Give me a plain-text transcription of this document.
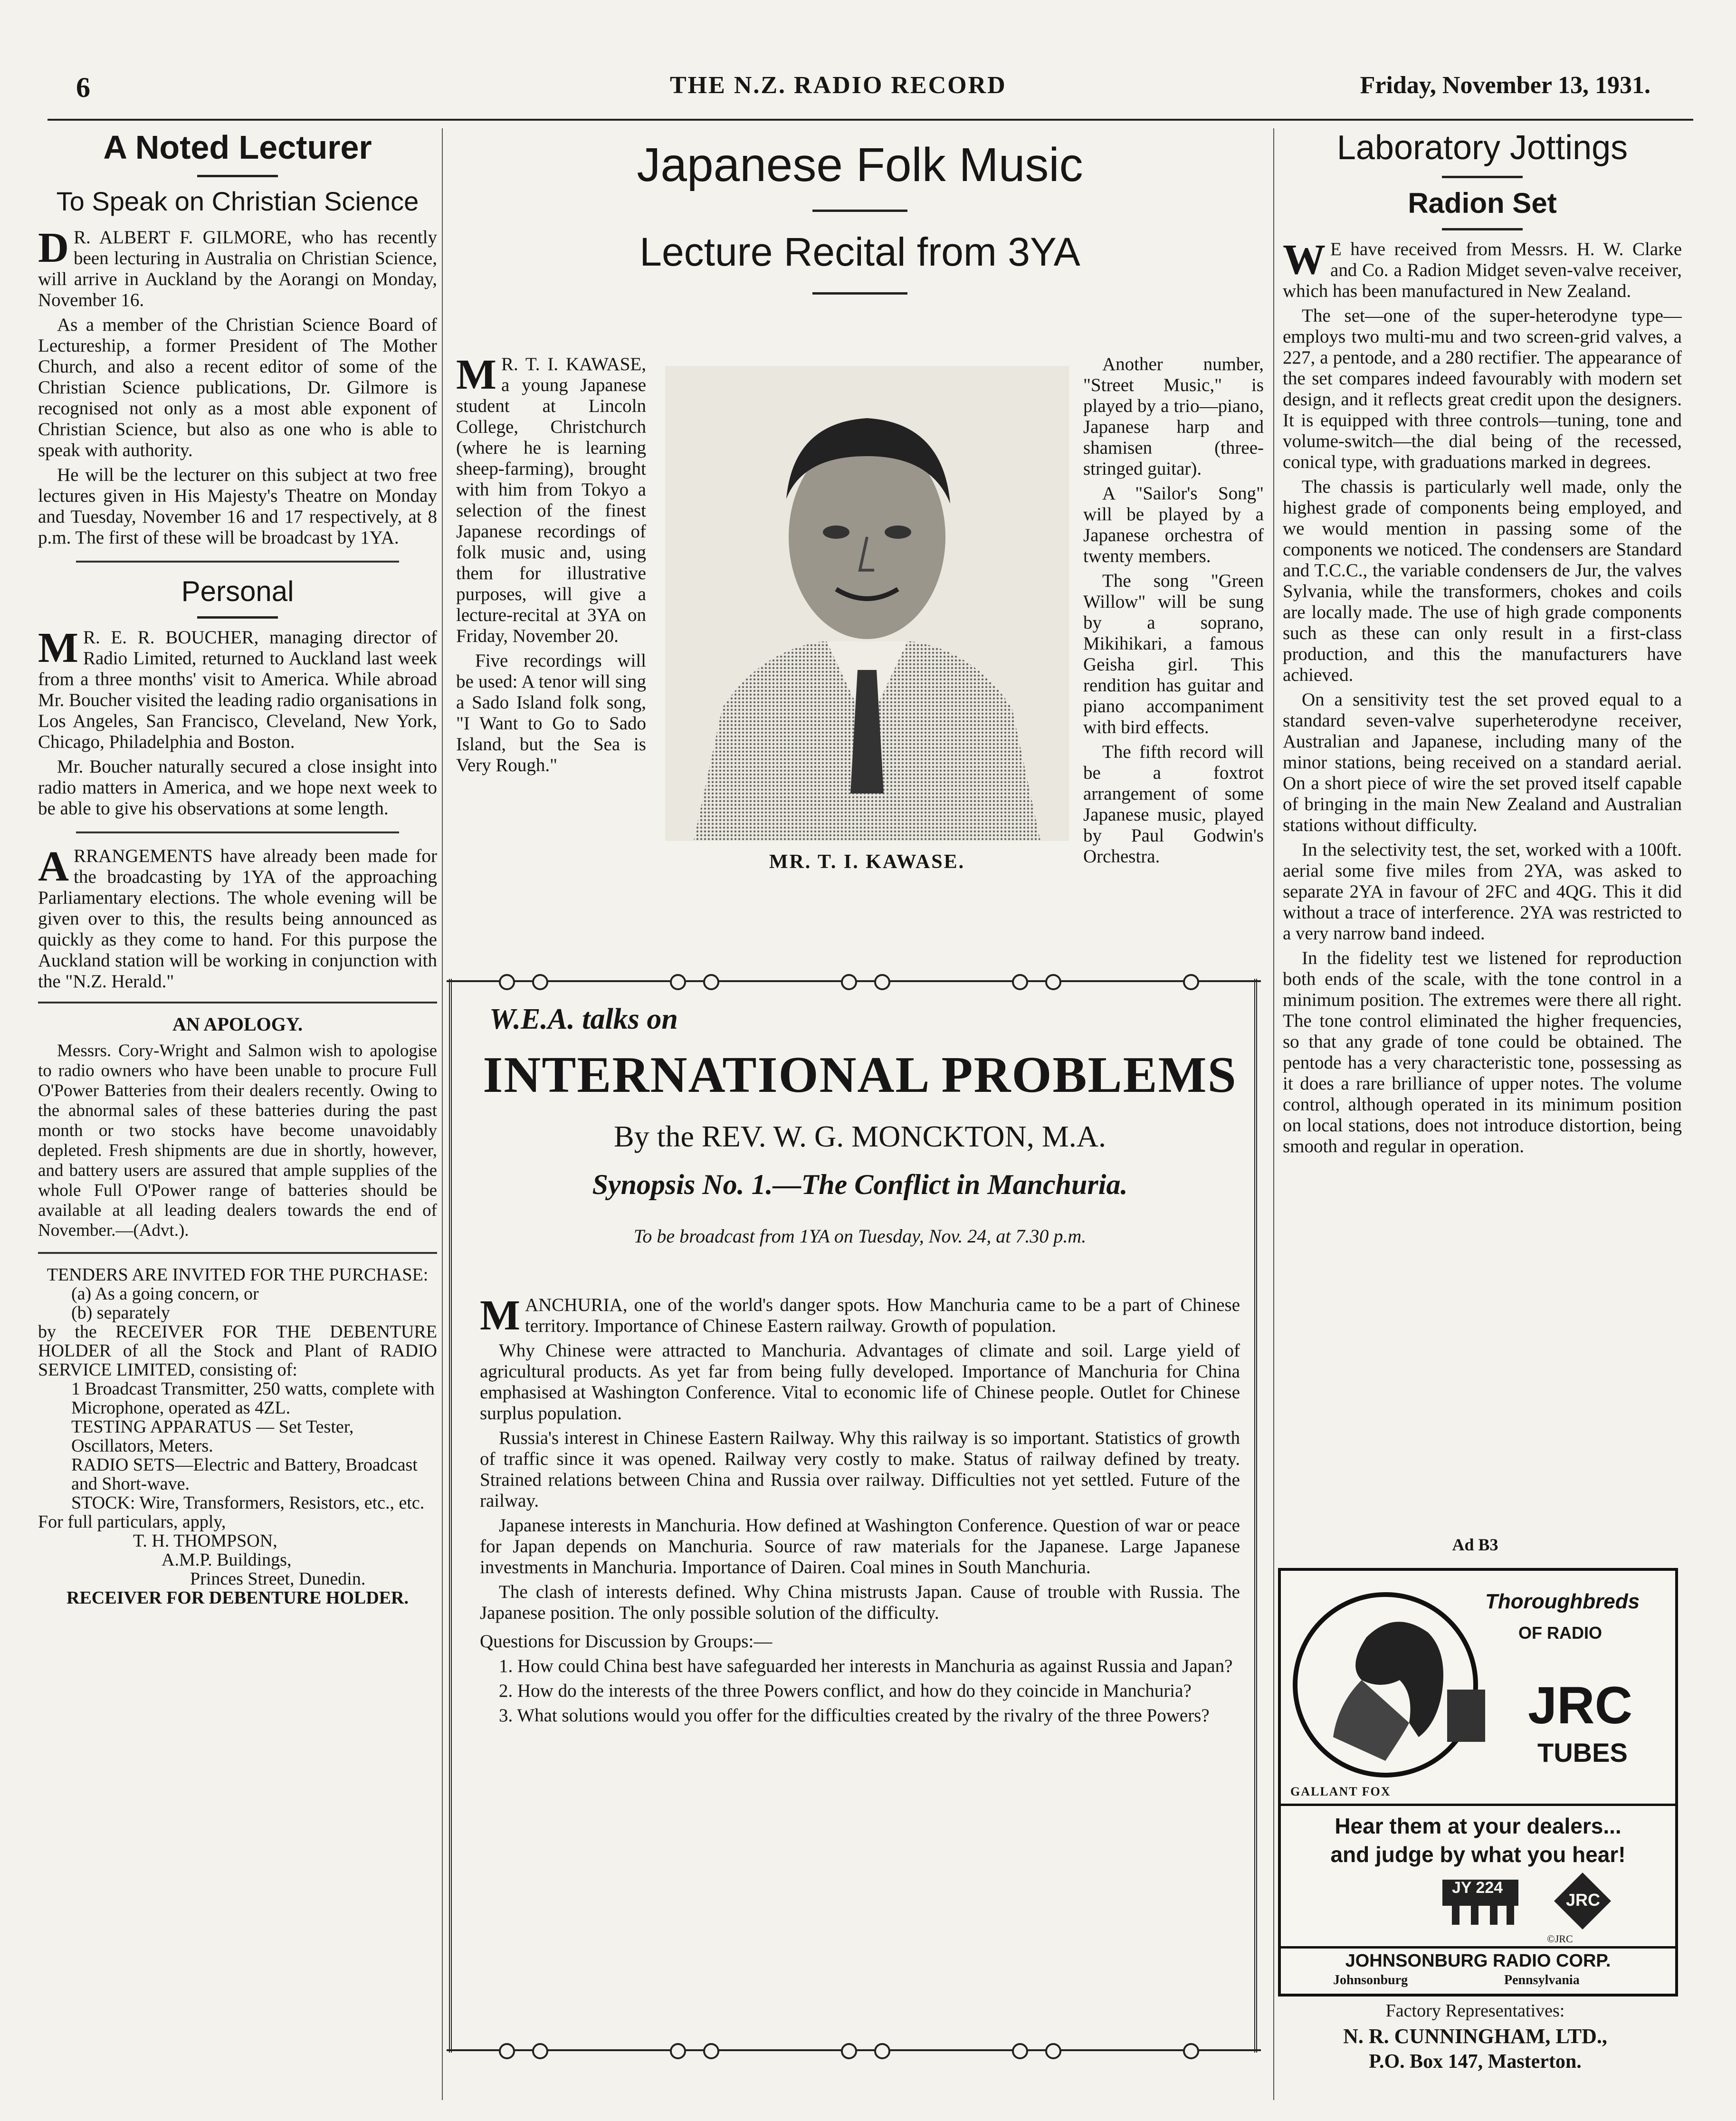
6	THE N.Z. RADIO RECORD	Friday, November 13, 1931.
A Noted Lecturer
To Speak on Christian Science

D R. ALBERT F. GILMORE, who has recently been lecturing in Australia on Christian Science, will arrive in Auckland by the Aorangi on Monday, November 16.

As a member of the Christian Science Board of Lectureship, a former President of The Mother Church, and also a recent editor of some of the Christian Science publications, Dr. Gilmore is recognised not only as a most able exponent of Christian Science, but also as one who is able to speak with authority.

He will be the lecturer on this subject at two free lectures given in His Majesty's Theatre on Monday and Tuesday, November 16 and 17 respectively, at 8 p.m. The first of these will be broadcast by 1YA.

Personal

M R. E. R. BOUCHER, managing director of Radio Limited, returned to Auckland last week from a three months' visit to America. While abroad Mr. Boucher visited the leading radio organisations in Los Angeles, San Francisco, Cleveland, New York, Chicago, Philadelphia and Boston.

Mr. Boucher naturally secured a close insight into radio matters in America, and we hope next week to be able to give his observations at some length.

ARRANGEMENTS have already been made for the broadcasting by 1YA of the approaching Parliamentary elections. The whole evening will be given over to this, the results being announced as quickly as they come to hand. For this purpose the Auckland station will be working in conjunction with the "N.Z. Herald."

AN APOLOGY.

Messrs. Cory-Wright and Salmon wish to apologise to radio owners who have been unable to procure Full O'Power Batteries from their dealers recently. Owing to the abnormal sales of these batteries during the past month or two stocks have become unavoidably depleted. Fresh shipments are due in shortly, however, and battery users are assured that ample supplies of the whole Full O'Power range of batteries should be available at all leading dealers towards the end of November.—(Advt.).

TENDERS ARE INVITED FOR THE PURCHASE:
(a) As a going concern, or
(b) separately
by the RECEIVER FOR THE DEBENTURE HOLDER of all the Stock and Plant of RADIO SERVICE LIMITED, consisting of:
1 Broadcast Transmitter, 250 watts, complete with Microphone, operated as 4ZL.
TESTING APPARATUS — Set Tester, Oscillators, Meters.
RADIO SETS—Electric and Battery, Broadcast and Short-wave.
STOCK: Wire, Transformers, Resistors, etc., etc.
For full particulars, apply,
T. H. THOMPSON,
A.M.P. Buildings,
Princes Street, Dunedin.
RECEIVER FOR DEBENTURE HOLDER.
Japanese Folk Music
Lecture Recital from 3YA

M R. T. I. KAWASE, a young Japanese student at Lincoln College, Christchurch (where he is learning sheep-farming), brought with him from Tokyo a selection of the finest Japanese recordings of folk music and, using them for illustrative purposes, will give a lecture-recital at 3YA on Friday, November 20.

Five recordings will be used: A tenor will sing a Sado Island folk song, "I Want to Go to Sado Island, but the Sea is Very Rough."

MR. T. I. KAWASE.

Another number, "Street Music," is played by a trio—piano, Japanese harp and shamisen (three-stringed guitar).

A "Sailor's Song" will be played by a Japanese orchestra of twenty members.

The song "Green Willow" will be sung by a soprano, Mikihikari, a famous Geisha girl. This rendition has guitar and piano accompaniment with bird effects.

The fifth record will be a foxtrot arrangement of some Japanese music, played by Paul Godwin's Orchestra.

W.E.A. talks on
INTERNATIONAL PROBLEMS
By the REV. W. G. MONCKTON, M.A.
Synopsis No. 1.—The Conflict in Manchuria.
To be broadcast from 1YA on Tuesday, Nov. 24, at 7.30 p.m.

MANCHURIA, one of the world's danger spots. How Manchuria came to be a part of Chinese territory. Importance of Chinese Eastern railway. Growth of population.

Why Chinese were attracted to Manchuria. Advantages of climate and soil. Large yield of agricultural products. As yet far from being fully developed. Importance of Manchuria for China emphasised at Washington Conference. Vital to economic life of Chinese people. Outlet for Chinese surplus population.

Russia's interest in Chinese Eastern Railway. Why this railway is so important. Statistics of growth of traffic since it was opened. Railway very costly to make. Status of railway defined by treaty. Strained relations between China and Russia over railway. Difficulties not yet settled. Future of the railway.

Japanese interests in Manchuria. How defined at Washington Conference. Question of war or peace for Japan depends on Manchuria. Source of raw materials for the Japanese. Large Japanese investments in Manchuria. Importance of Dairen. Coal mines in South Manchuria.

The clash of interests defined. Why China mistrusts Japan. Cause of trouble with Russia. The Japanese position. The only possible solution of the difficulty.

Questions for Discussion by Groups:—

1. How could China best have safeguarded her interests in Manchuria as against Russia and Japan?

2. How do the interests of the three Powers conflict, and how do they coincide in Manchuria?

3. What solutions would you offer for the difficulties created by the rivalry of the three Powers?

Laboratory Jottings
Radion Set

W E have received from Messrs. H. W. Clarke and Co. a Radion Midget seven-valve receiver, which has been manufactured in New Zealand.

The set—one of the super-heterodyne type—employs two multi-mu and two screen-grid valves, a 227, a pentode, and a 280 rectifier. The appearance of the set compares indeed favourably with modern set design, and it reflects great credit upon the designers. It is equipped with three controls—tuning, tone and volume-switch—the dial being of the recessed, conical type, with graduations marked in degrees.

The chassis is particularly well made, only the highest grade of components being employed, and we would mention in passing some of the components we noticed. The condensers are Standard and T.C.C., the variable condensers de Jur, the valves Sylvania, while the transformers, chokes and coils are locally made. The use of high grade components such as these can only result in a first-class production, and this the manufacturers have achieved.

On a sensitivity test the set proved equal to a standard seven-valve superheterodyne receiver, Australian and Japanese, including many of the minor stations, being received on a standard aerial. On a short piece of wire the set proved itself capable of bringing in the main New Zealand and Australian stations without difficulty.

In the selectivity test, the set, worked with a 100ft. aerial some five miles from 2YA, was asked to separate 2YA in favour of 2FC and 4QG. This it did without a trace of interference. 2YA was restricted to a very narrow band indeed.

In the fidelity test we listened for reproduction both ends of the scale, with the tone control in a minimum position. The extremes were there all right. The tone control eliminated the higher frequencies, so that any grade of tone could be obtained. The pentode has a very characteristic tone, possessing as it does a rare brilliance of upper notes. The volume control, although operated in its minimum position on local stations, does not introduce distortion, being smooth and regular in operation.

Ad B3
Thoroughbreds
OF RADIO
JRC
TUBES
GALLANT FOX
Hear them at your dealers...
and judge by what you hear!
JY 224
JRC
©JRC
JOHNSONBURG RADIO CORP.
Johnsonburg	Pennsylvania
Factory Representatives:
N. R. CUNNINGHAM, LTD.,
P.O. Box 147, Masterton.
